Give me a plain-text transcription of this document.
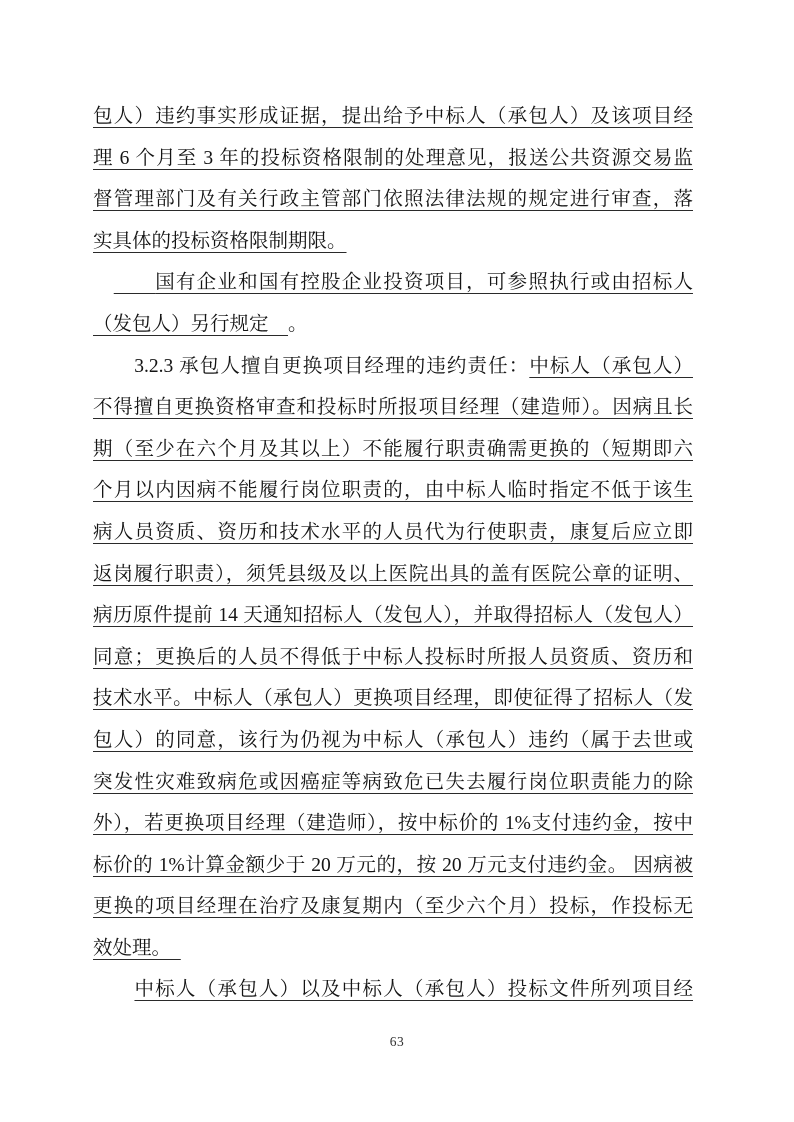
包人）违约事实形成证据，提出给予中标人（承包人）及该项目经
理 6 个月至 3 年的投标资格限制的处理意见，报送公共资源交易监
督管理部门及有关行政主管部门依照法律法规的规定进行审查，落
实具体的投标资格限制期限。
　　　国有企业和国有控股企业投资项目，可参照执行或由招标人
（发包人）另行规定　。
　　3.2.3 承包人擅自更换项目经理的违约责任：中标人（承包人）
不得擅自更换资格审查和投标时所报项目经理（建造师）。因病且长
期（至少在六个月及其以上）不能履行职责确需更换的（短期即六
个月以内因病不能履行岗位职责的，由中标人临时指定不低于该生
病人员资质、资历和技术水平的人员代为行使职责，康复后应立即
返岗履行职责），须凭县级及以上医院出具的盖有医院公章的证明、
病历原件提前 14 天通知招标人（发包人），并取得招标人（发包人）
同意；更换后的人员不得低于中标人投标时所报人员资质、资历和
技术水平。中标人（承包人）更换项目经理，即使征得了招标人（发
包人）的同意，该行为仍视为中标人（承包人）违约（属于去世或
突发性灾难致病危或因癌症等病致危已失去履行岗位职责能力的除
外），若更换项目经理（建造师），按中标价的 1%支付违约金，按中
标价的 1%计算金额少于 20 万元的，按 20 万元支付违约金。 因病被
更换的项目经理在治疗及康复期内（至少六个月）投标，作投标无
效处理。　
　　中标人（承包人）以及中标人（承包人）投标文件所列项目经
63
